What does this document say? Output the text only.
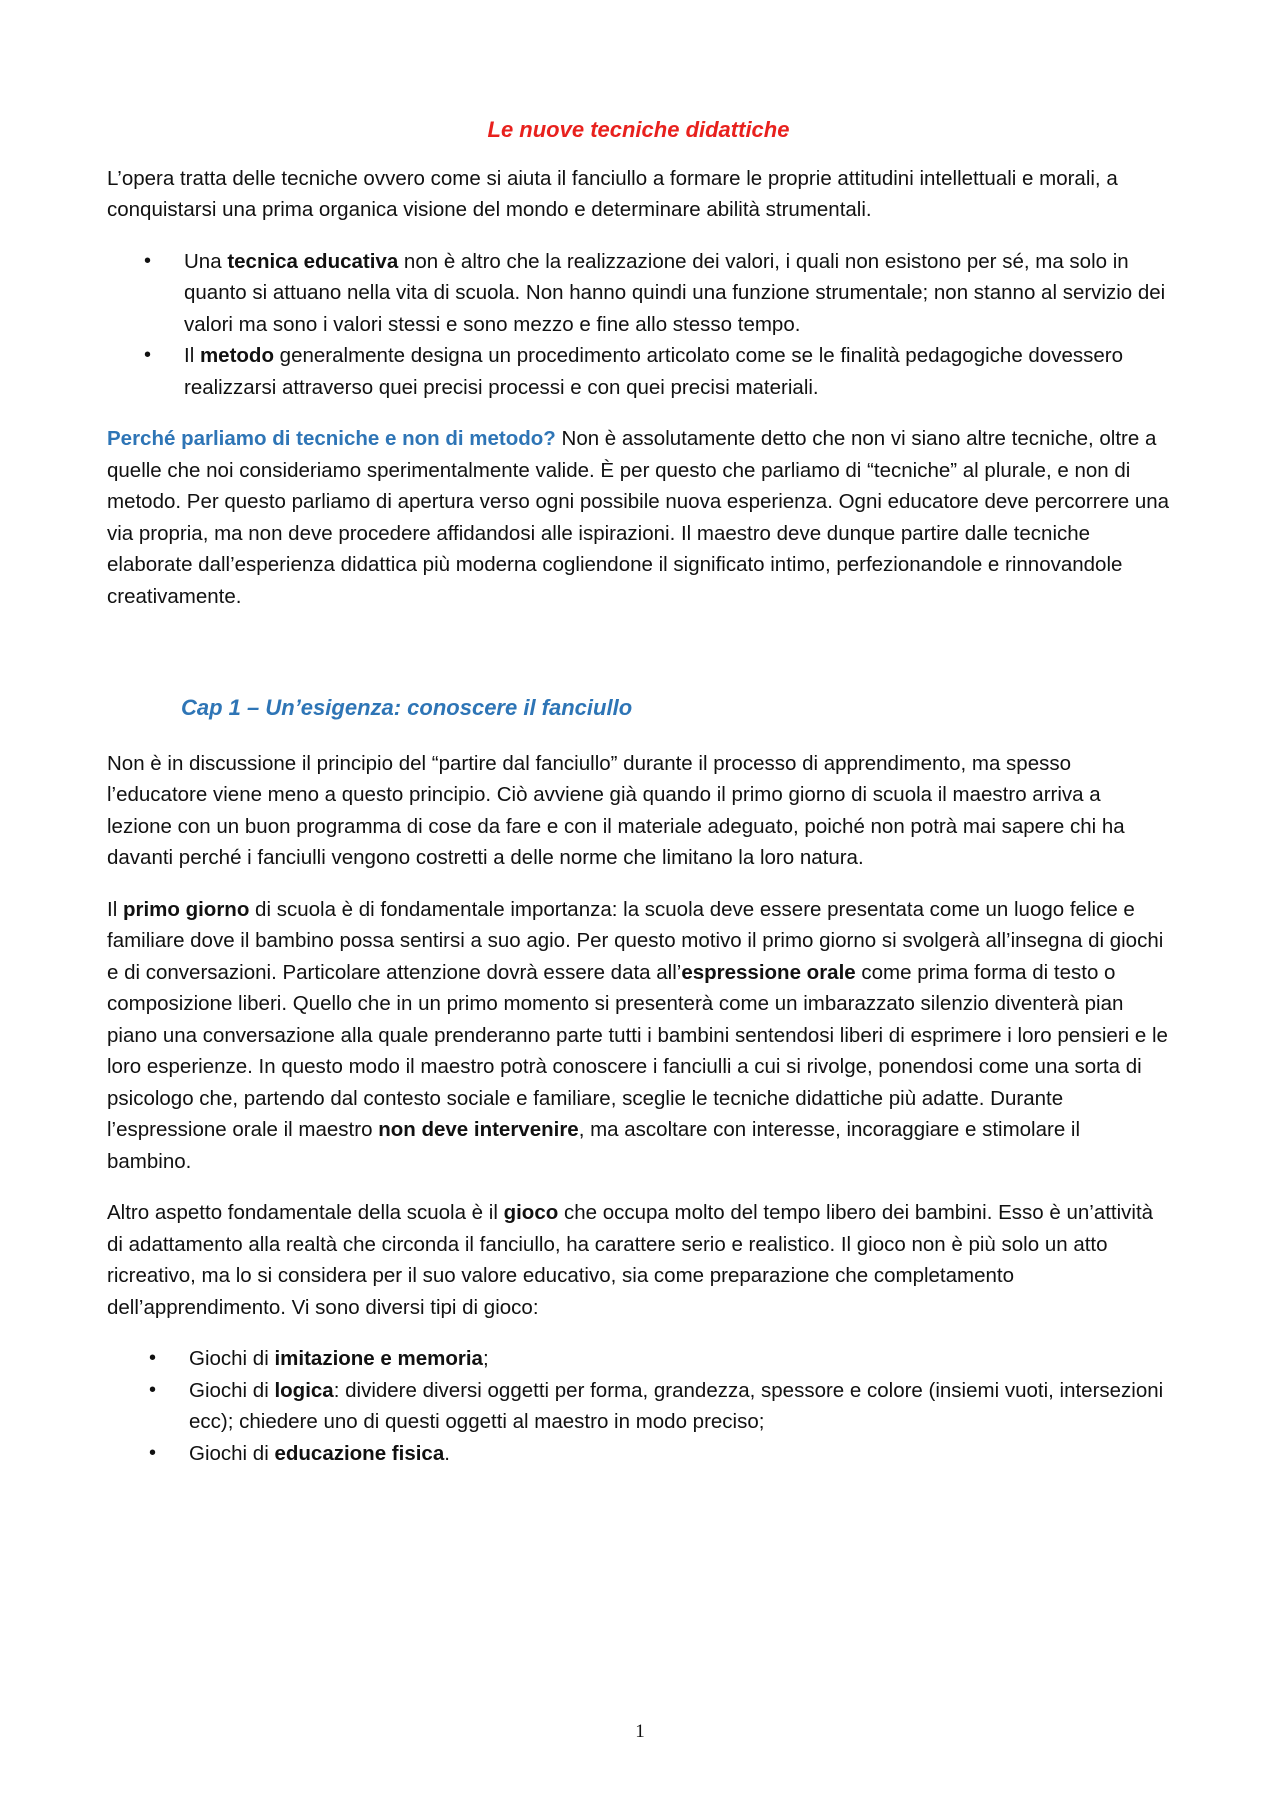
Le nuove tecniche didattiche

L’opera tratta delle tecniche ovvero come si aiuta il fanciullo a formare le proprie attitudini intellettuali e morali, a conquistarsi una prima organica visione del mondo e determinare abilità strumentali.

• Una tecnica educativa non è altro che la realizzazione dei valori, i quali non esistono per sé, ma solo in quanto si attuano nella vita di scuola. Non hanno quindi una funzione strumentale; non stanno al servizio dei valori ma sono i valori stessi e sono mezzo e fine allo stesso tempo.
• Il metodo generalmente designa un procedimento articolato come se le finalità pedagogiche dovessero realizzarsi attraverso quei precisi processi e con quei precisi materiali.

Perché parliamo di tecniche e non di metodo? Non è assolutamente detto che non vi siano altre tecniche, oltre a quelle che noi consideriamo sperimentalmente valide. È per questo che parliamo di “tecniche” al plurale, e non di metodo. Per questo parliamo di apertura verso ogni possibile nuova esperienza. Ogni educatore deve percorrere una via propria, ma non deve procedere affidandosi alle ispirazioni. Il maestro deve dunque partire dalle tecniche elaborate dall’esperienza didattica più moderna cogliendone il significato intimo, perfezionandole e rinnovandole creativamente.

Cap 1 – Un’esigenza: conoscere il fanciullo

Non è in discussione il principio del “partire dal fanciullo” durante il processo di apprendimento, ma spesso l’educatore viene meno a questo principio. Ciò avviene già quando il primo giorno di scuola il maestro arriva a lezione con un buon programma di cose da fare e con il materiale adeguato, poiché non potrà mai sapere chi ha davanti perché i fanciulli vengono costretti a delle norme che limitano la loro natura.

Il primo giorno di scuola è di fondamentale importanza: la scuola deve essere presentata come un luogo felice e familiare dove il bambino possa sentirsi a suo agio. Per questo motivo il primo giorno si svolgerà all’insegna di giochi e di conversazioni. Particolare attenzione dovrà essere data all’espressione orale come prima forma di testo o composizione liberi. Quello che in un primo momento si presenterà come un imbarazzato silenzio diventerà pian piano una conversazione alla quale prenderanno parte tutti i bambini sentendosi liberi di esprimere i loro pensieri e le loro esperienze. In questo modo il maestro potrà conoscere i fanciulli a cui si rivolge, ponendosi come una sorta di psicologo che, partendo dal contesto sociale e familiare, sceglie le tecniche didattiche più adatte. Durante l’espressione orale il maestro non deve intervenire, ma ascoltare con interesse, incoraggiare e stimolare il bambino.

Altro aspetto fondamentale della scuola è il gioco che occupa molto del tempo libero dei bambini. Esso è un’attività di adattamento alla realtà che circonda il fanciullo, ha carattere serio e realistico. Il gioco non è più solo un atto ricreativo, ma lo si considera per il suo valore educativo, sia come preparazione che completamento dell’apprendimento. Vi sono diversi tipi di gioco:

• Giochi di imitazione e memoria;
• Giochi di logica: dividere diversi oggetti per forma, grandezza, spessore e colore (insiemi vuoti, intersezioni ecc); chiedere uno di questi oggetti al maestro in modo preciso;
• Giochi di educazione fisica.
1
